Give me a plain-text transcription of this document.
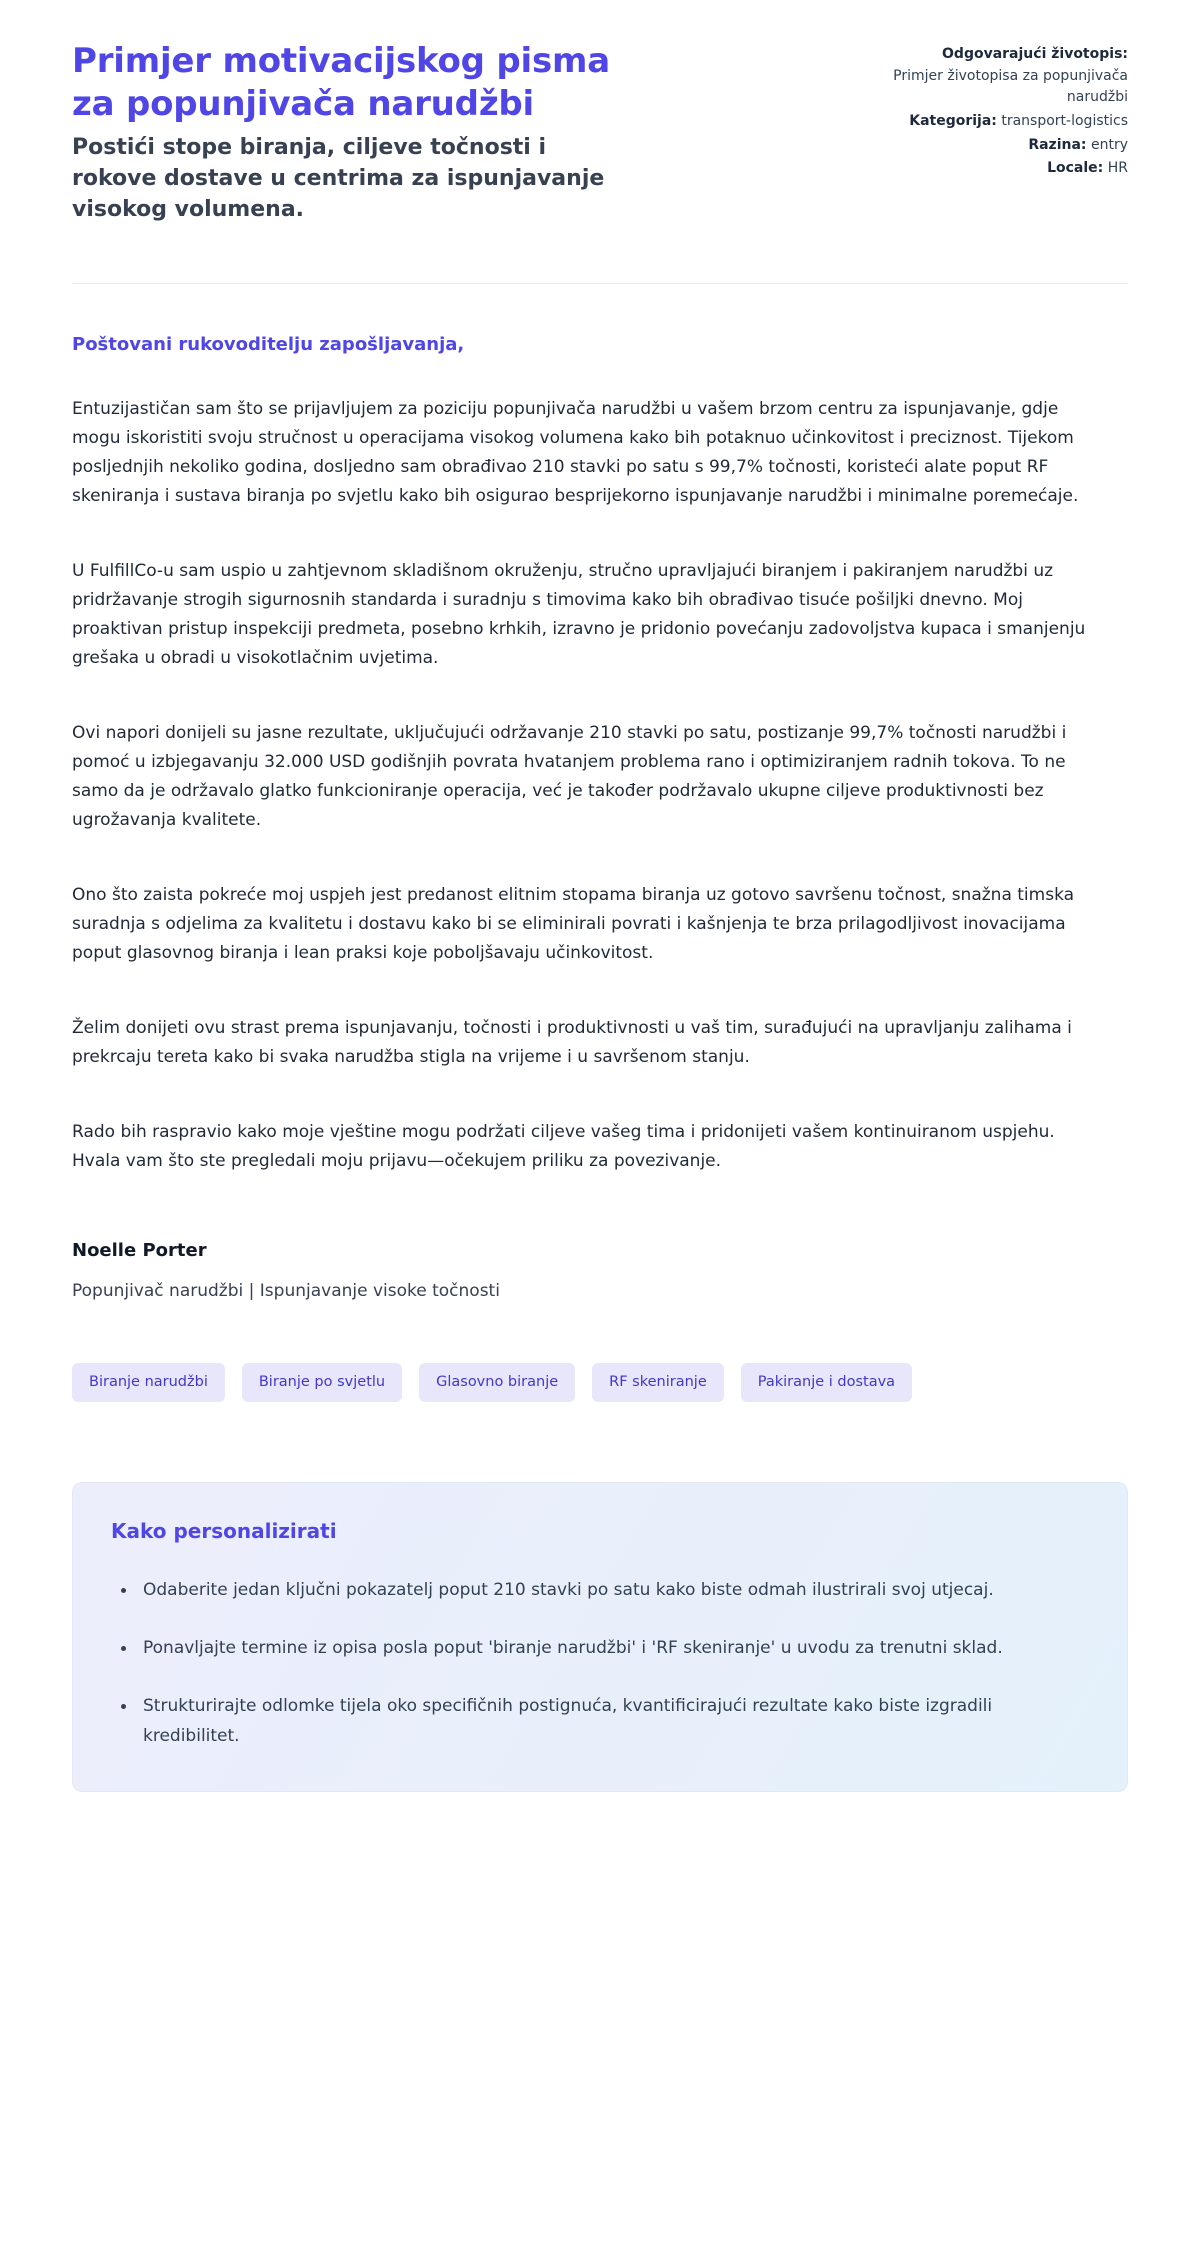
Primjer motivacijskog pisma za popunjivača narudžbi
Postići stope biranja, ciljeve točnosti i rokove dostave u centrima za ispunjavanje visokog volumena.
Odgovarajući životopis:
Primjer životopisa za popunjivača narudžbi
Kategorija: transport-logistics
Razina: entry
Locale: HR
Poštovani rukovoditelju zapošljavanja,

Entuzijastičan sam što se prijavljujem za poziciju popunjivača narudžbi u vašem brzom centru za ispunjavanje, gdje mogu iskoristiti svoju stručnost u operacijama visokog volumena kako bih potaknuo učinkovitost i preciznost. Tijekom posljednjih nekoliko godina, dosljedno sam obrađivao 210 stavki po satu s 99,7% točnosti, koristeći alate poput RF skeniranja i sustava biranja po svjetlu kako bih osigurao besprijekorno ispunjavanje narudžbi i minimalne poremećaje.

U FulfillCo-u sam uspio u zahtjevnom skladišnom okruženju, stručno upravljajući biranjem i pakiranjem narudžbi uz pridržavanje strogih sigurnosnih standarda i suradnju s timovima kako bih obrađivao tisuće pošiljki dnevno. Moj proaktivan pristup inspekciji predmeta, posebno krhkih, izravno je pridonio povećanju zadovoljstva kupaca i smanjenju grešaka u obradi u visokotlačnim uvjetima.

Ovi napori donijeli su jasne rezultate, uključujući održavanje 210 stavki po satu, postizanje 99,7% točnosti narudžbi i pomoć u izbjegavanju 32.000 USD godišnjih povrata hvatanjem problema rano i optimiziranjem radnih tokova. To ne samo da je održavalo glatko funkcioniranje operacija, već je također podržavalo ukupne ciljeve produktivnosti bez ugrožavanja kvalitete.

Ono što zaista pokreće moj uspjeh jest predanost elitnim stopama biranja uz gotovo savršenu točnost, snažna timska suradnja s odjelima za kvalitetu i dostavu kako bi se eliminirali povrati i kašnjenja te brza prilagodljivost inovacijama poput glasovnog biranja i lean praksi koje poboljšavaju učinkovitost.

Želim donijeti ovu strast prema ispunjavanju, točnosti i produktivnosti u vaš tim, surađujući na upravljanju zalihama i prekrcaju tereta kako bi svaka narudžba stigla na vrijeme i u savršenom stanju.

Rado bih raspravio kako moje vještine mogu podržati ciljeve vašeg tima i pridonijeti vašem kontinuiranom uspjehu. Hvala vam što ste pregledali moju prijavu—očekujem priliku za povezivanje.

Noelle Porter
Popunjivač narudžbi | Ispunjavanje visoke točnosti
Biranje narudžbi	Biranje po svjetlu	Glasovno biranje	RF skeniranje	Pakiranje i dostava
Kako personalizirati
• Odaberite jedan ključni pokazatelj poput 210 stavki po satu kako biste odmah ilustrirali svoj utjecaj.
• Ponavljajte termine iz opisa posla poput 'biranje narudžbi' i 'RF skeniranje' u uvodu za trenutni sklad.
• Strukturirajte odlomke tijela oko specifičnih postignuća, kvantificirajući rezultate kako biste izgradili kredibilitet.
